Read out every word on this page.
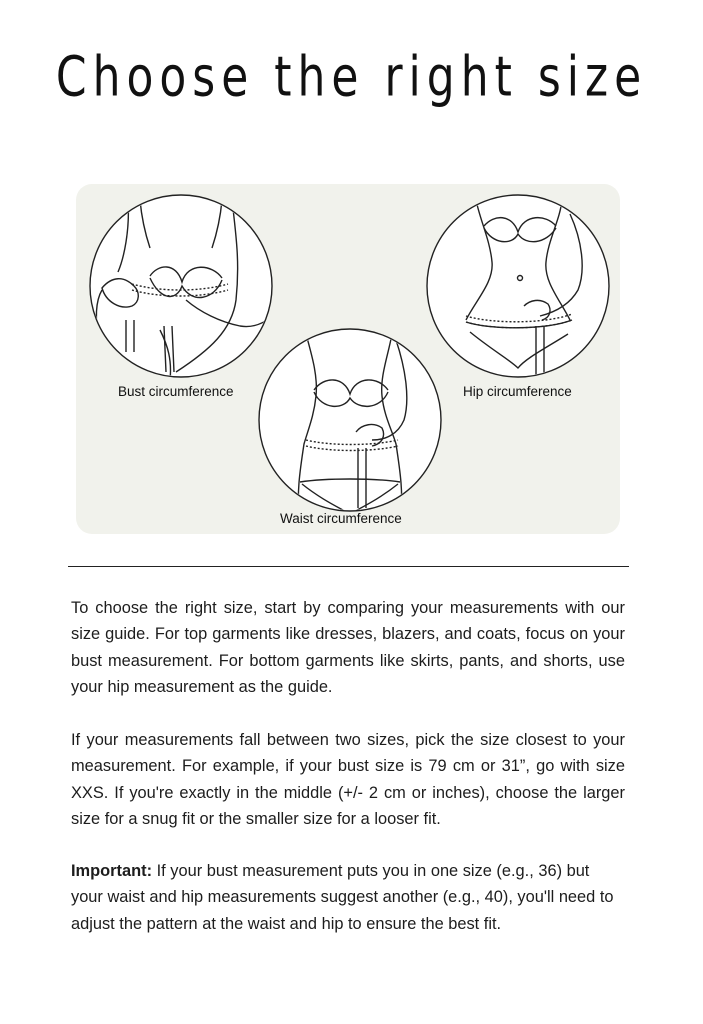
Choose the right size
Bust circumference	Hip circumference
Waist circumference
To choose the right size, start by comparing your measurements with our size guide. For top garments like dresses, blazers, and coats, focus on your bust measurement. For bottom garments like skirts, pants, and shorts, use your hip measurement as the guide.
If your measurements fall between two sizes, pick the size closest to your measurement. For example, if your bust size is 79 cm or 31”, go with size XXS. If you're exactly in the middle (+/- 2 cm or inches), choose the larger size for a snug fit or the smaller size for a looser fit.
Important: If your bust measurement puts you in one size (e.g., 36) but your waist and hip measurements suggest another (e.g., 40), you'll need to adjust the pattern at the waist and hip to ensure the best fit.
